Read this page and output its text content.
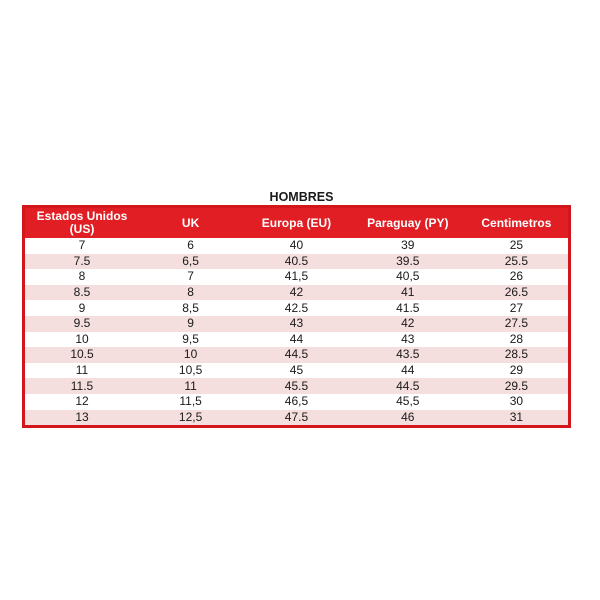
HOMBRES
Estados Unidos (US)	UK	Europa (EU)	Paraguay (PY)	Centimetros
7	6	40	39	25
7.5	6,5	40.5	39.5	25.5
8	7	41,5	40,5	26
8.5	8	42	41	26.5
9	8,5	42.5	41.5	27
9.5	9	43	42	27.5
10	9,5	44	43	28
10.5	10	44.5	43.5	28.5
11	10,5	45	44	29
11.5	11	45.5	44.5	29.5
12	11,5	46,5	45,5	30
13	12,5	47.5	46	31
